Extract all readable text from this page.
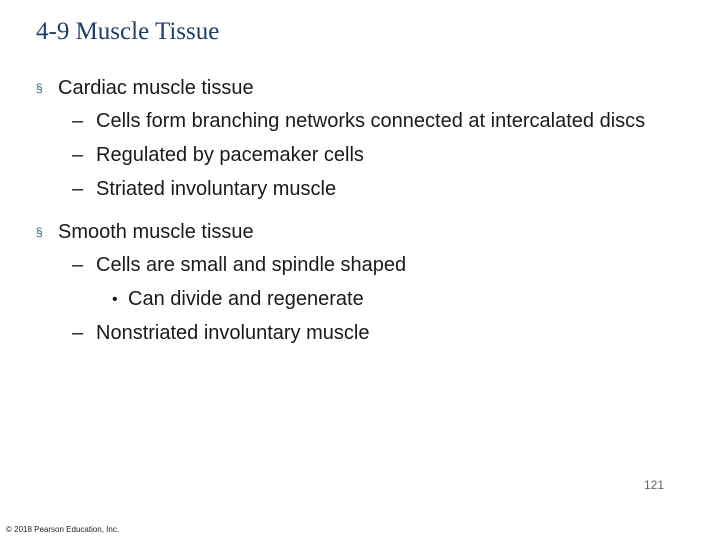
4-9 Muscle Tissue
§ Cardiac muscle tissue
– Cells form branching networks connected at intercalated discs
– Regulated by pacemaker cells
– Striated involuntary muscle
§ Smooth muscle tissue
– Cells are small and spindle shaped
• Can divide and regenerate
– Nonstriated involuntary muscle
121
© 2018 Pearson Education, Inc.
